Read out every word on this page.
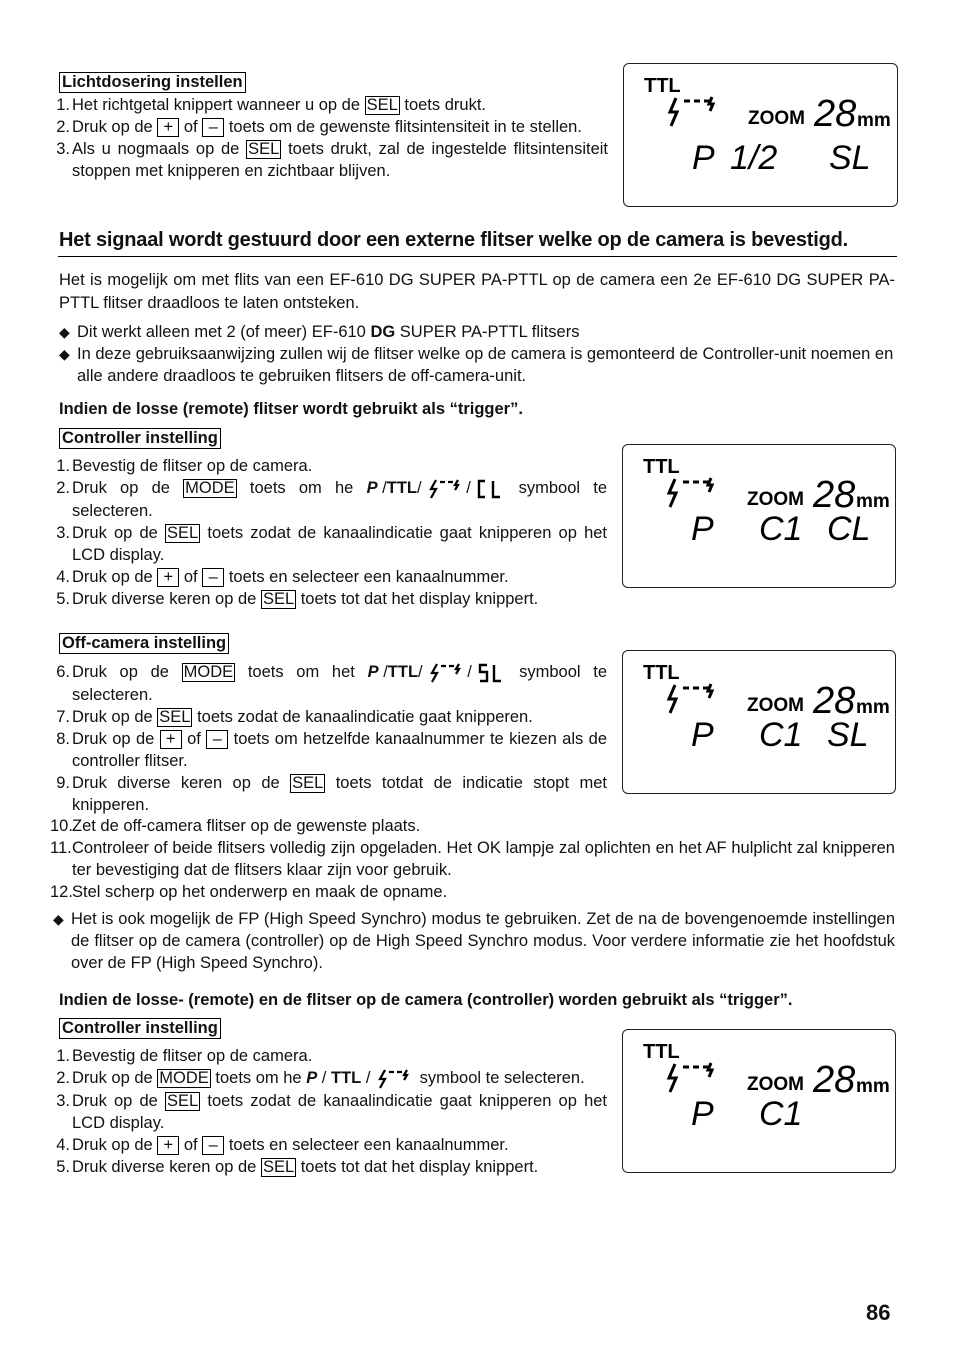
Lichtdosering instellen
1. Het richtgetal knippert wanneer u op de SEL toets drukt.
2. Druk op de + of – toets om de gewenste flitsintensiteit in te stellen.
3. Als u nogmaals op de SEL toets drukt, zal de ingestelde flitsintensiteit stoppen met knipperen en zichtbaar blijven.
TTL
ZOOM 28 mm
P 1/2 SL
Het signaal wordt gestuurd door een externe flitser welke op de camera is bevestigd.
Het is mogelijk om met flits van een EF-610 DG SUPER PA-PTTL op de camera een 2e EF-610 DG SUPER PA-PTTL flitser draadloos te laten ontsteken.
◆ Dit werkt alleen met 2 (of meer) EF-610 DG SUPER PA-PTTL flitsers
◆ In deze gebruiksaanwijzing zullen wij de flitser welke op de camera is gemonteerd de Controller-unit noemen en alle andere draadloos te gebruiken flitsers de off-camera-unit.
Indien de losse (remote) flitser wordt gebruikt als “trigger”.
Controller instelling
1. Bevestig de flitser op de camera.
2. Druk op de MODE toets om he P /TTL/	/  symbool te selecteren.
3. Druk op de SEL toets zodat de kanaalindicatie gaat knipperen op het LCD display.
4. Druk op de + of – toets en selecteer een kanaalnummer.
5. Druk diverse keren op de SEL toets tot dat het display knippert.
TTL
ZOOM 28 mm
P C1 CL
Off-camera instelling
6. Druk op de MODE toets om het P /TTL/	/  symbool te selecteren.
7. Druk op de SEL toets zodat de kanaalindicatie gaat knipperen.
8. Druk op de + of – toets om hetzelfde kanaalnummer te kiezen als de controller flitser.
9. Druk diverse keren op de SEL toets totdat de indicatie stopt met knipperen.
10. Zet de off-camera flitser op de gewenste plaats.
11. Controleer of beide flitsers volledig zijn opgeladen. Het OK lampje zal oplichten en het AF hulplicht zal knipperen ter bevestiging dat de flitsers klaar zijn voor gebruik.
12. Stel scherp op het onderwerp en maak de opname.
TTL
ZOOM 28 mm
P C1 SL
◆ Het is ook mogelijk de FP (High Speed Synchro) modus te gebruiken. Zet de na de bovengenoemde instellingen de flitser op de camera (controller) op de High Speed Synchro modus. Voor verdere informatie zie het hoofdstuk over de FP (High Speed Synchro).
Indien de losse- (remote) en de flitser op de camera (controller) worden gebruikt als “trigger”.
Controller instelling
1. Bevestig de flitser op de camera.
2. Druk op de MODE toets om he P / TTL /	symbool te selecteren.
3. Druk op de SEL toets zodat de kanaalindicatie gaat knipperen op het LCD display.
4. Druk op de + of – toets en selecteer een kanaalnummer.
5. Druk diverse keren op de SEL toets tot dat het display knippert.
TTL
ZOOM 28 mm
P C1
86
